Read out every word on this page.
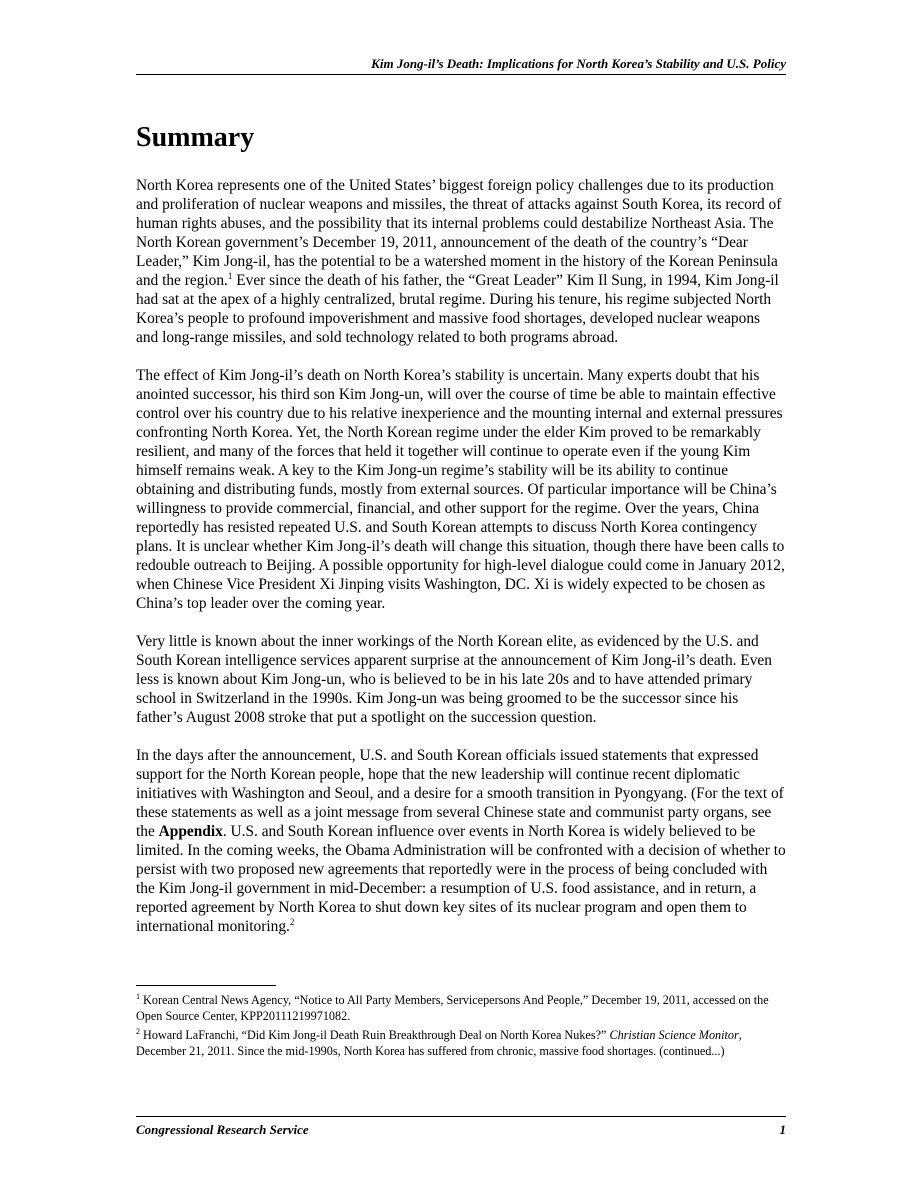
Kim Jong-il’s Death: Implications for North Korea’s Stability and U.S. Policy
Summary

North Korea represents one of the United States’ biggest foreign policy challenges due to its production and proliferation of nuclear weapons and missiles, the threat of attacks against South Korea, its record of human rights abuses, and the possibility that its internal problems could destabilize Northeast Asia. The North Korean government’s December 19, 2011, announcement of the death of the country’s “Dear Leader,” Kim Jong-il, has the potential to be a watershed moment in the history of the Korean Peninsula and the region.$^1$ Ever since the death of his father, the “Great Leader” Kim Il Sung, in 1994, Kim Jong-il had sat at the apex of a highly centralized, brutal regime. During his tenure, his regime subjected North Korea’s people to profound impoverishment and massive food shortages, developed nuclear weapons and long-range missiles, and sold technology related to both programs abroad.

The effect of Kim Jong-il’s death on North Korea’s stability is uncertain. Many experts doubt that his anointed successor, his third son Kim Jong-un, will over the course of time be able to maintain effective control over his country due to his relative inexperience and the mounting internal and external pressures confronting North Korea. Yet, the North Korean regime under the elder Kim proved to be remarkably resilient, and many of the forces that held it together will continue to operate even if the young Kim himself remains weak. A key to the Kim Jong-un regime’s stability will be its ability to continue obtaining and distributing funds, mostly from external sources. Of particular importance will be China’s willingness to provide commercial, financial, and other support for the regime. Over the years, China reportedly has resisted repeated U.S. and South Korean attempts to discuss North Korea contingency plans. It is unclear whether Kim Jong-il’s death will change this situation, though there have been calls to redouble outreach to Beijing. A possible opportunity for high-level dialogue could come in January 2012, when Chinese Vice President Xi Jinping visits Washington, DC. Xi is widely expected to be chosen as China’s top leader over the coming year.

Very little is known about the inner workings of the North Korean elite, as evidenced by the U.S. and South Korean intelligence services apparent surprise at the announcement of Kim Jong-il’s death. Even less is known about Kim Jong-un, who is believed to be in his late 20s and to have attended primary school in Switzerland in the 1990s. Kim Jong-un was being groomed to be the successor since his father’s August 2008 stroke that put a spotlight on the succession question.

In the days after the announcement, U.S. and South Korean officials issued statements that expressed support for the North Korean people, hope that the new leadership will continue recent diplomatic initiatives with Washington and Seoul, and a desire for a smooth transition in Pyongyang. (For the text of these statements as well as a joint message from several Chinese state and communist party organs, see the Appendix. U.S. and South Korean influence over events in North Korea is widely believed to be limited. In the coming weeks, the Obama Administration will be confronted with a decision of whether to persist with two proposed new agreements that reportedly were in the process of being concluded with the Kim Jong-il government in mid-December: a resumption of U.S. food assistance, and in return, a reported agreement by North Korea to shut down key sites of its nuclear program and open them to international monitoring.$^2$

$^1$ Korean Central News Agency, “Notice to All Party Members, Servicepersons And People,” December 19, 2011, accessed on the Open Source Center, KPP20111219971082.

$^2$ Howard LaFranchi, “Did Kim Jong-il Death Ruin Breakthrough Deal on North Korea Nukes?” Christian Science Monitor, December 21, 2011. Since the mid-1990s, North Korea has suffered from chronic, massive food shortages. (continued...)

Congressional Research Service	1
